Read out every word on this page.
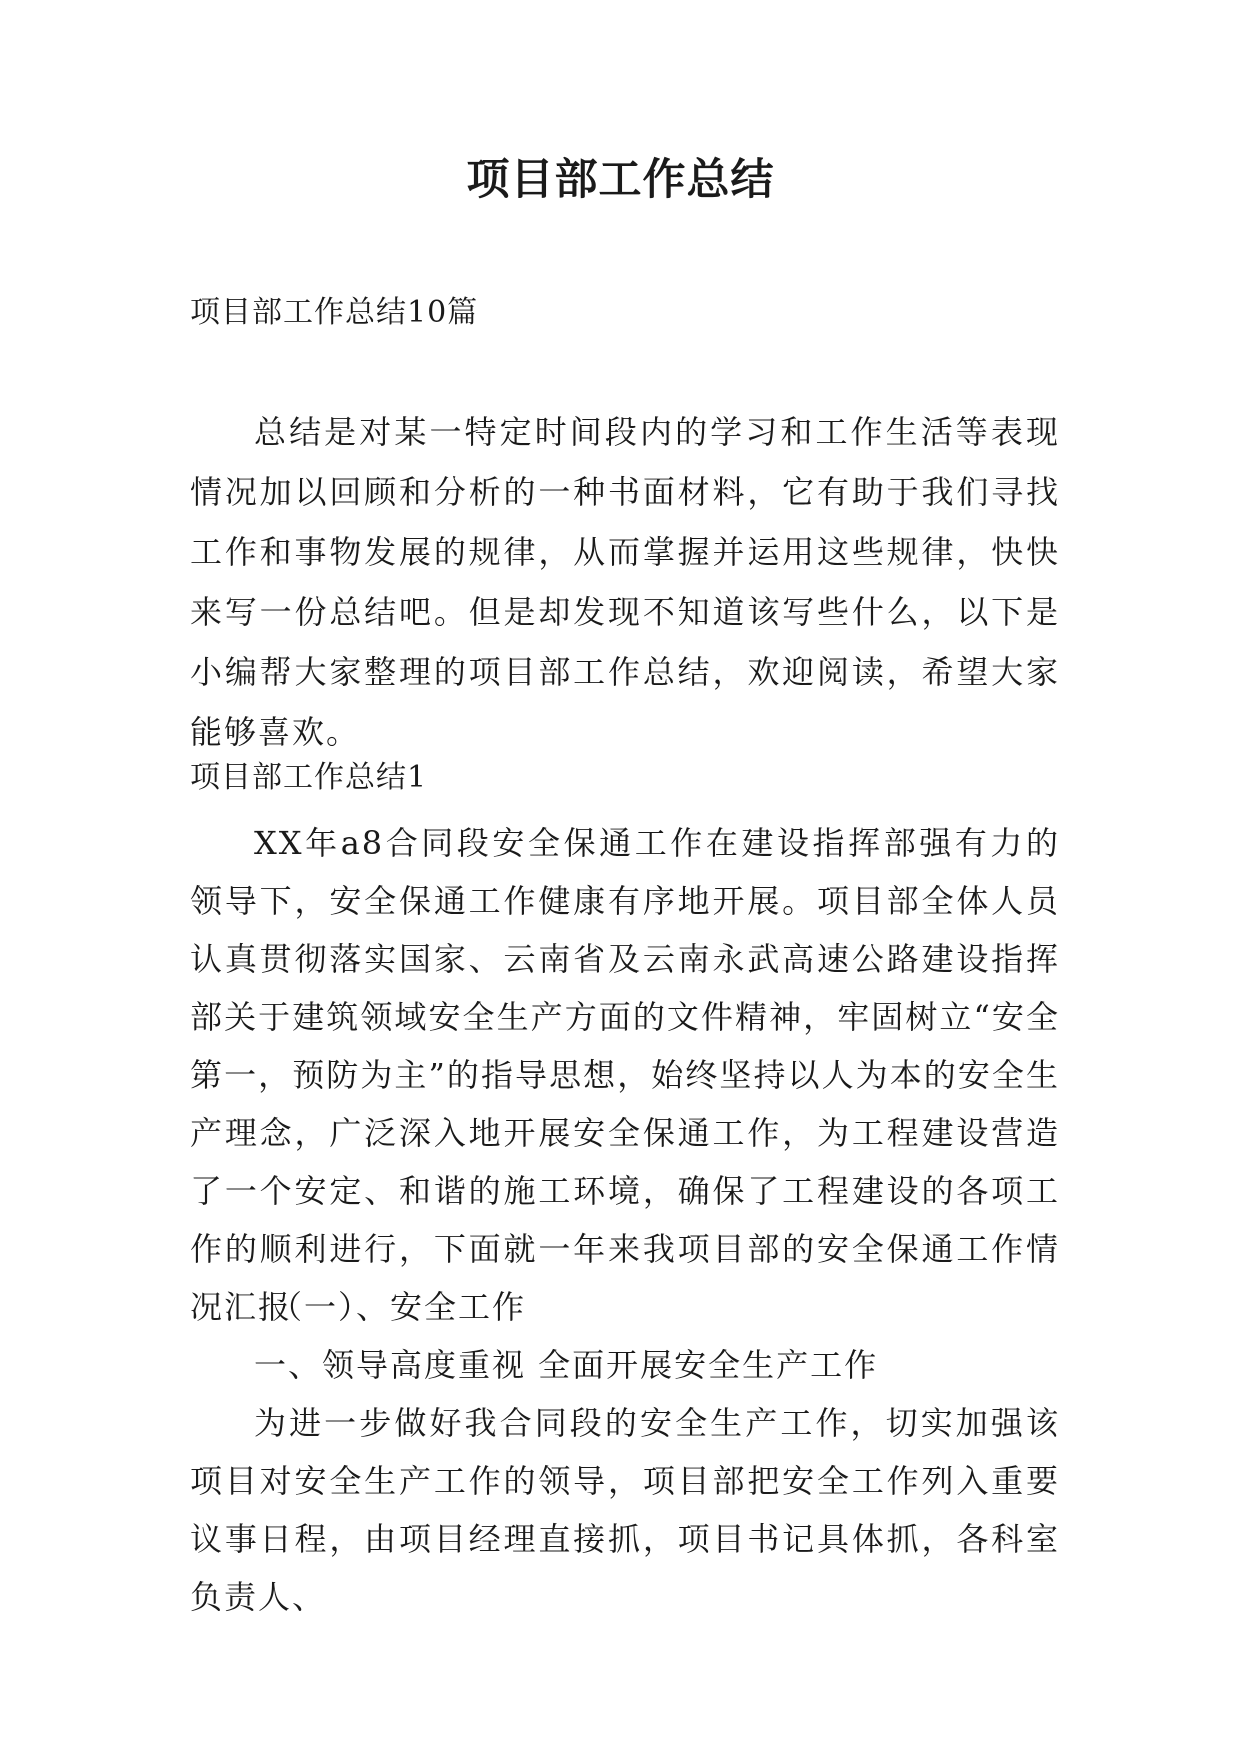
项目部工作总结

项目部工作总结10篇

总结是对某一特定时间段内的学习和工作生活等表现情况加以回顾和分析的一种书面材料，它有助于我们寻找工作和事物发展的规律，从而掌握并运用这些规律，快快来写一份总结吧。但是却发现不知道该写些什么，以下是小编帮大家整理的项目部工作总结，欢迎阅读，希望大家能够喜欢。

项目部工作总结1

XX年a8合同段安全保通工作在建设指挥部强有力的领导下，安全保通工作健康有序地开展。项目部全体人员认真贯彻落实国家、云南省及云南永武高速公路建设指挥部关于建筑领域安全生产方面的文件精神，牢固树立“安全第一，预防为主”的指导思想，始终坚持以人为本的安全生产理念，广泛深入地开展安全保通工作，为工程建设营造了一个安定、和谐的施工环境，确保了工程建设的各项工作的顺利进行，下面就一年来我项目部的安全保通工作情况汇报

（一）、安全工作

一、领导高度重视 全面开展安全生产工作

为进一步做好我合同段的安全生产工作，切实加强该项目对安全生产工作的领导，项目部把安全工作列入重要议事日程，由项目经理直接抓，项目书记具体抓，各科室负责人、
